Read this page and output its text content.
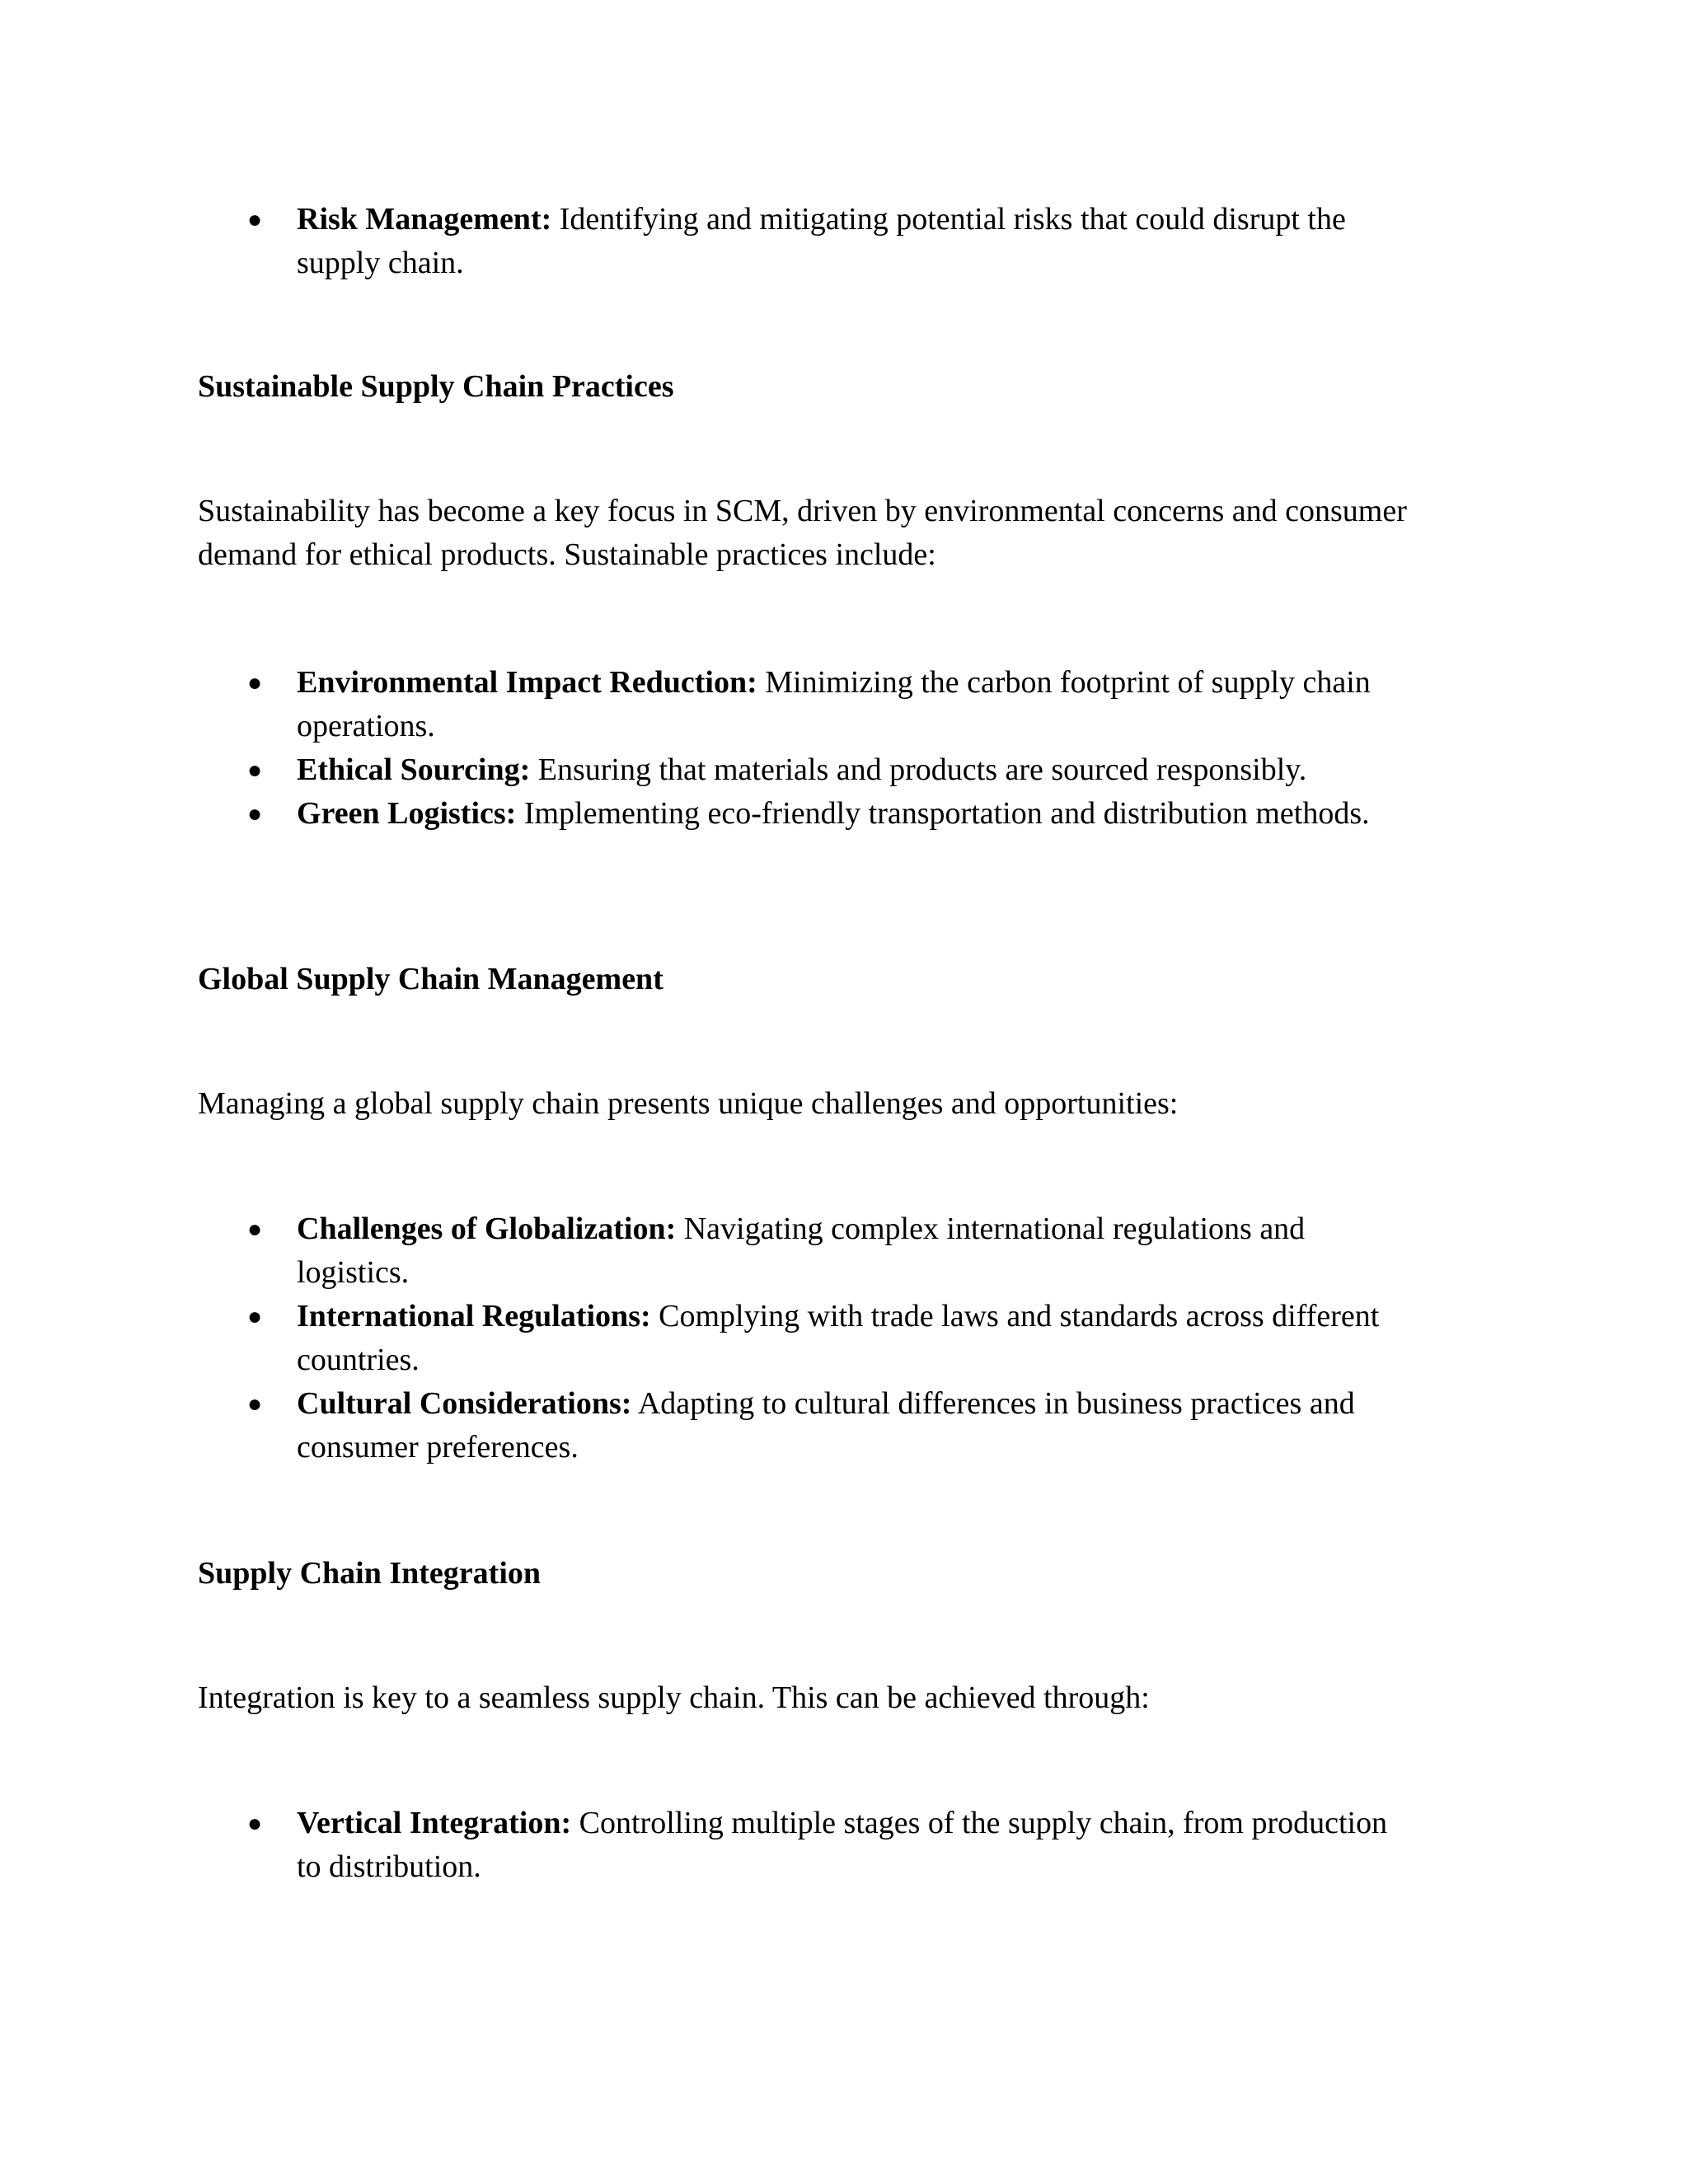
●	Risk Management: Identifying and mitigating potential risks that could disrupt the supply chain.
Sustainable Supply Chain Practices
Sustainability has become a key focus in SCM, driven by environmental concerns and consumer demand for ethical products. Sustainable practices include:
●	Environmental Impact Reduction: Minimizing the carbon footprint of supply chain operations.
●	Ethical Sourcing: Ensuring that materials and products are sourced responsibly.
●	Green Logistics: Implementing eco-friendly transportation and distribution methods.
Global Supply Chain Management
Managing a global supply chain presents unique challenges and opportunities:
●	Challenges of Globalization: Navigating complex international regulations and logistics.
●	International Regulations: Complying with trade laws and standards across different countries.
●	Cultural Considerations: Adapting to cultural differences in business practices and consumer preferences.
Supply Chain Integration
Integration is key to a seamless supply chain. This can be achieved through:
●	Vertical Integration: Controlling multiple stages of the supply chain, from production to distribution.
